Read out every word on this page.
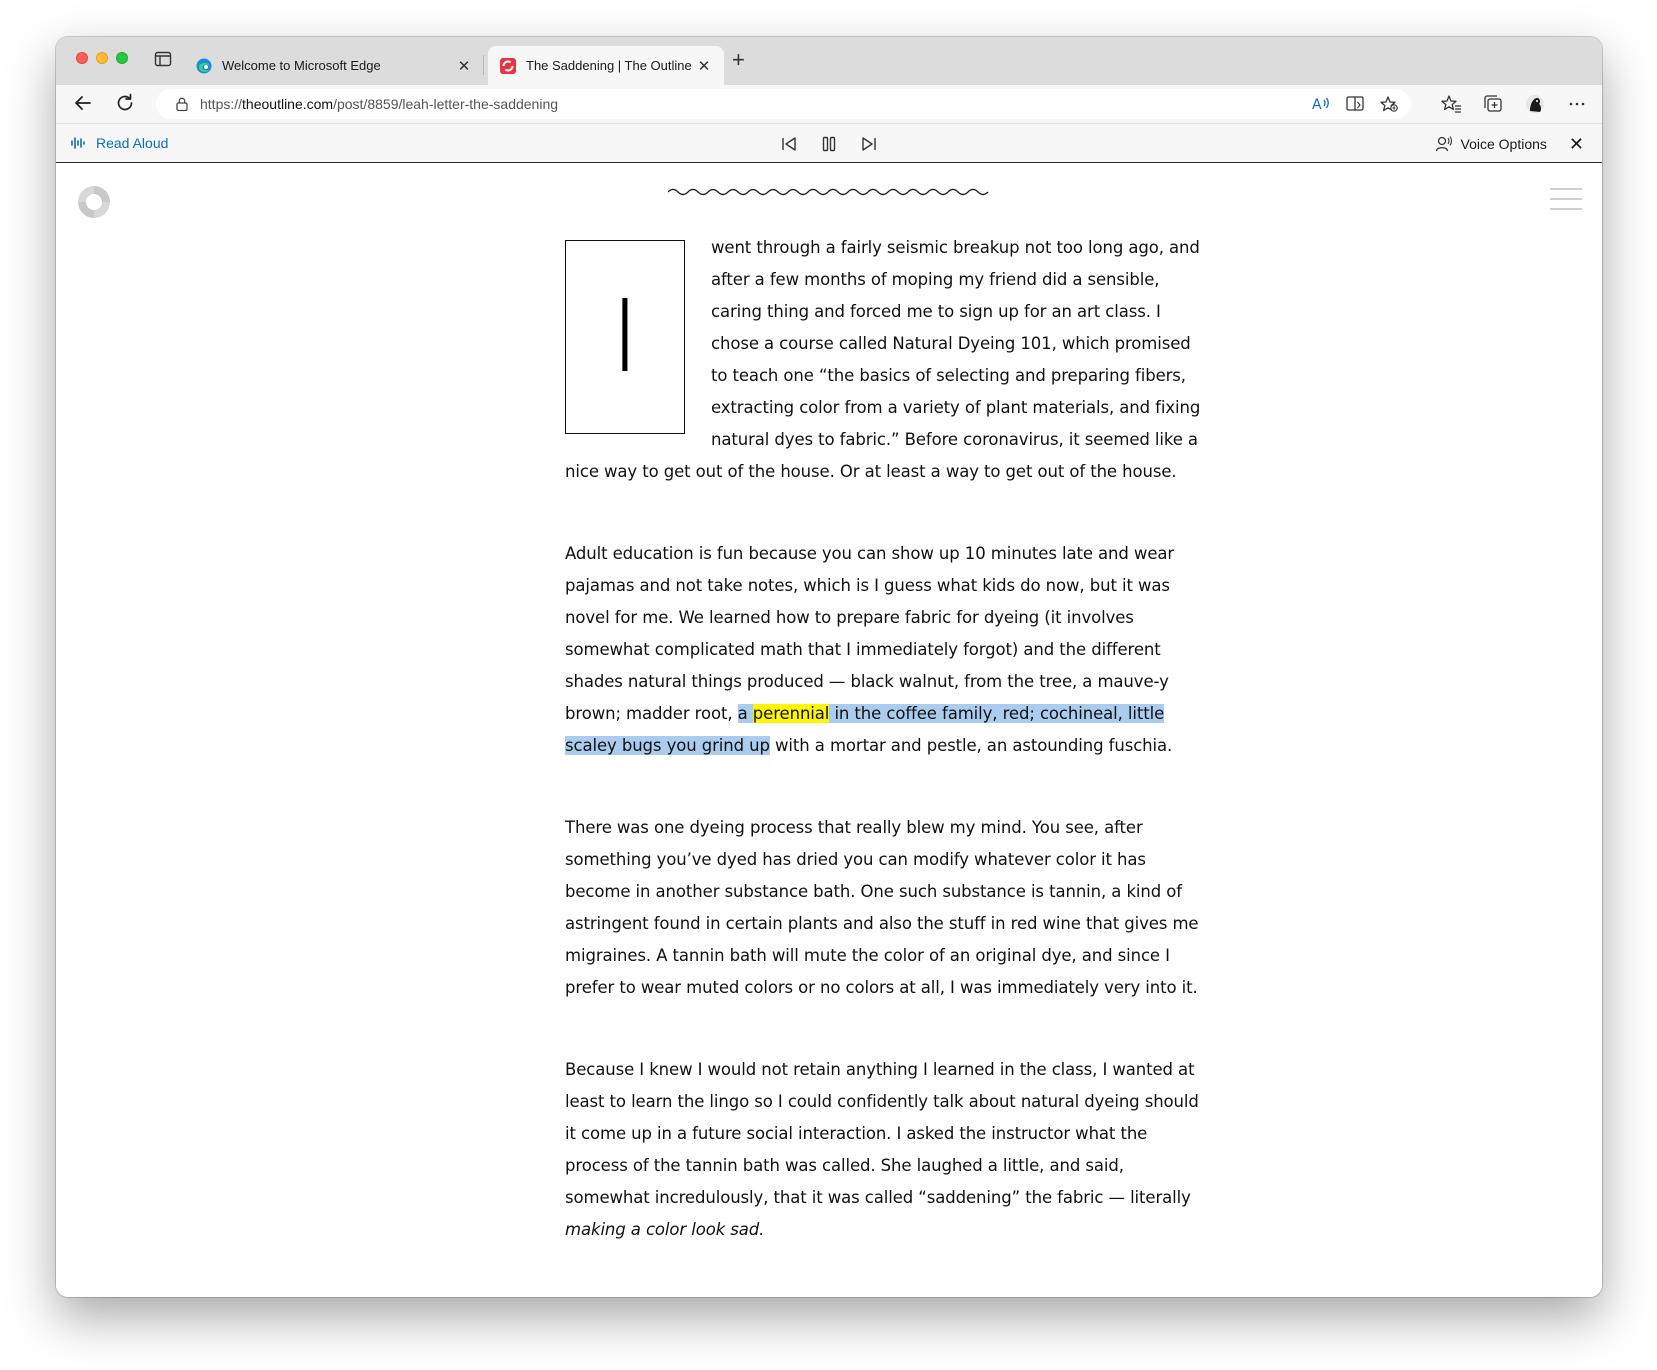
Welcome to Microsoft Edge	✕	The Saddening | The Outline ✕ +
https:// theoutline.com /post/8859/leah-letter-the-saddening	A
Read Aloud	Voice Options ✕

I
went through a fairly seismic breakup not too long ago, and after a few months of moping my friend did a sensible, caring thing and forced me to sign up for an art class. I chose a course called Natural Dyeing 101, which promised to teach one “the basics of selecting and preparing fibers, extracting color from a variety of plant materials, and fixing natural dyes to fabric.” Before coronavirus, it seemed like a nice way to get out of the house. Or at least a way to get out of the house.

Adult education is fun because you can show up 10 minutes late and wear pajamas and not take notes, which is I guess what kids do now, but it was novel for me. We learned how to prepare fabric for dyeing (it involves somewhat complicated math that I immediately forgot) and the different shades natural things produced — black walnut, from the tree, a mauve-y brown; madder root, a perennial in the coffee family, red; cochineal, little scaley bugs you grind up with a mortar and pestle, an astounding fuschia.

There was one dyeing process that really blew my mind. You see, after something you’ve dyed has dried you can modify whatever color it has become in another substance bath. One such substance is tannin, a kind of astringent found in certain plants and also the stuff in red wine that gives me migraines. A tannin bath will mute the color of an original dye, and since I prefer to wear muted colors or no colors at all, I was immediately very into it.

Because I knew I would not retain anything I learned in the class, I wanted at least to learn the lingo so I could confidently talk about natural dyeing should it come up in a future social interaction. I asked the instructor what the process of the tannin bath was called. She laughed a little, and said, somewhat incredulously, that it was called “saddening” the fabric — literally making a color look sad.
